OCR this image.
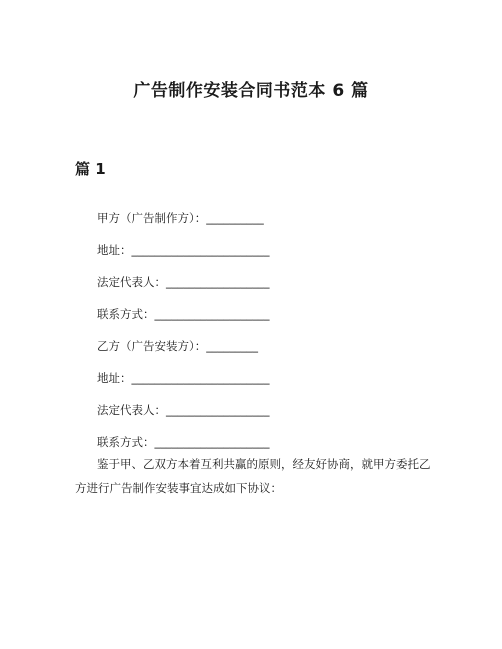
广告制作安装合同书范本 6 篇
篇 1
甲方（广告制作方）：__________
地址：________________________
法定代表人：__________________
联系方式：____________________
乙方（广告安装方）：_________
地址：________________________
法定代表人：__________________
联系方式：____________________

鉴于甲、乙双方本着互利共赢的原则，经友好协商，就甲方委托乙方进行广告制作安装事宜达成如下协议：
